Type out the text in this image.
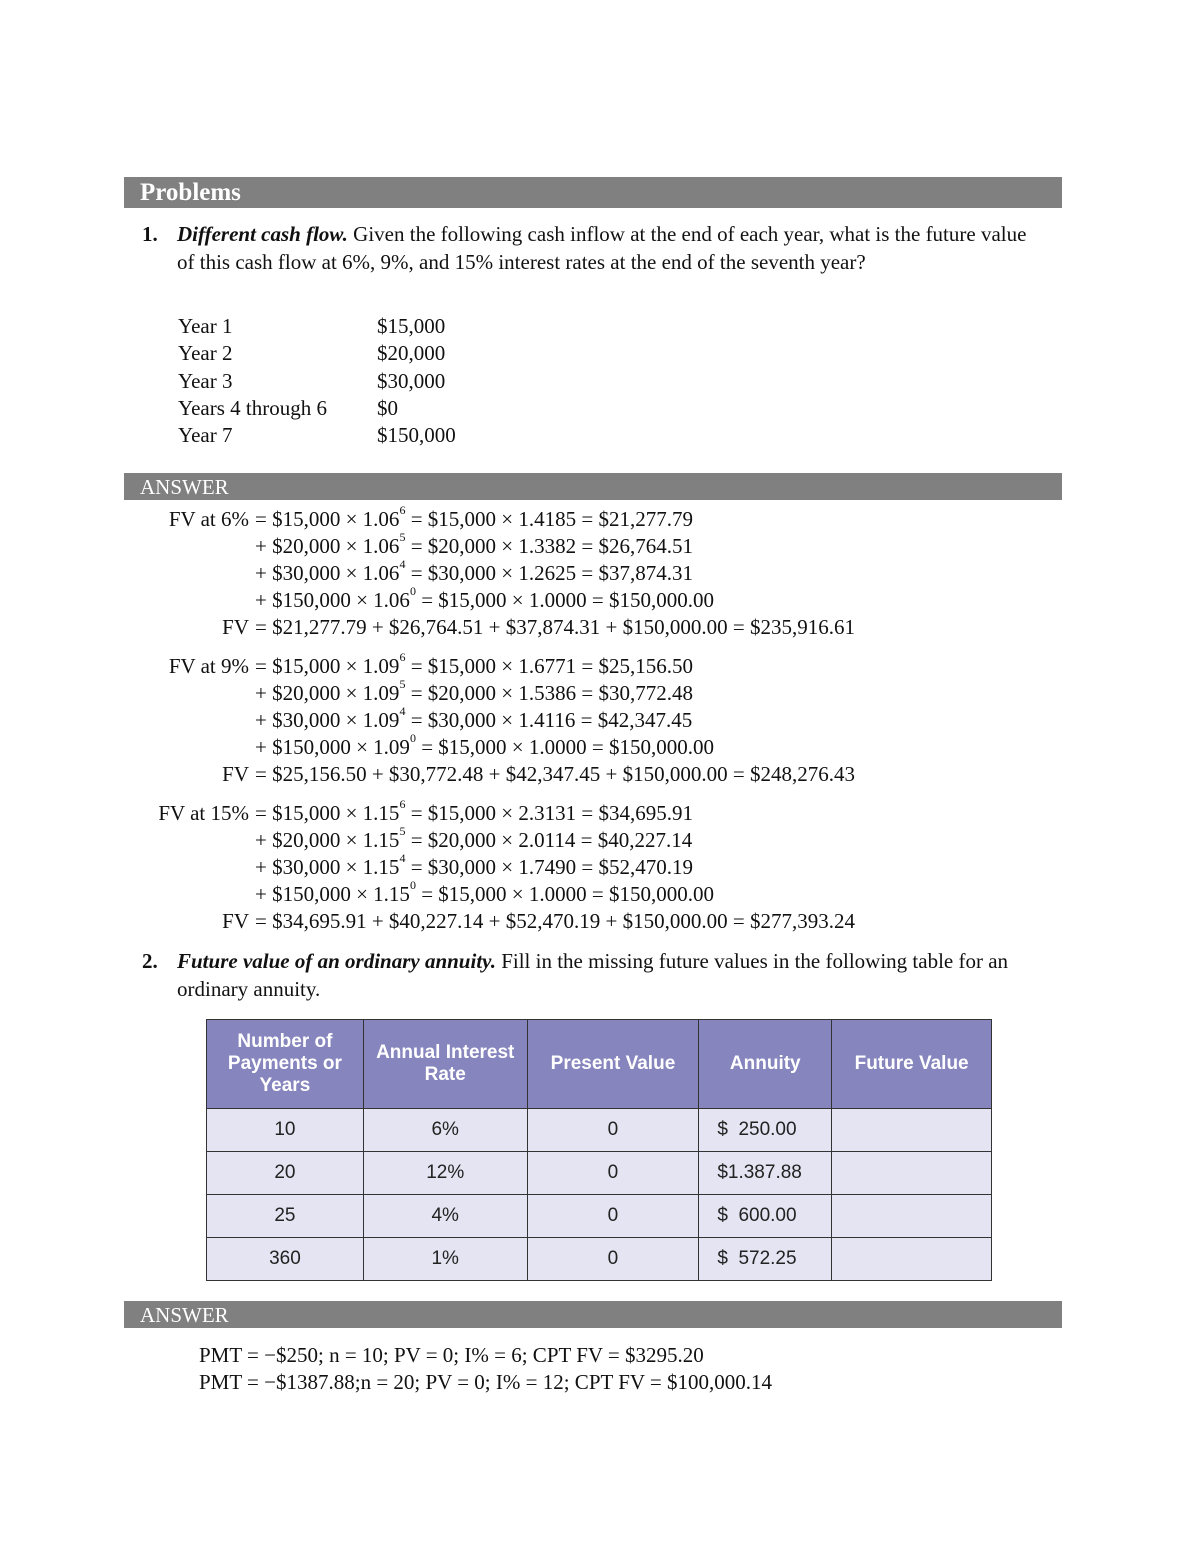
Problems
1. Different cash flow. Given the following cash inflow at the end of each year, what is the future value of this cash flow at 6%, 9%, and 15% interest rates at the end of the seventh year?
Year 1	$15,000
Year 2	$20,000
Year 3	$30,000
Years 4 through 6 $0
Year 7	$150,000
ANSWER
FV at 6% = $15,000 × $1.06^6$ = $15,000 × 1.4185 = $21,277.79
+ $20,000 × $1.06^5$ = $20,000 × 1.3382 = $26,764.51
+ $30,000 × $1.06^4$ = $30,000 × 1.2625 = $37,874.31
+ $150,000 × $1.06^0$ = $15,000 × 1.0000 = $150,000.00
FV = $21,277.79 + $26,764.51 + $37,874.31 + $150,000.00 = $235,916.61
FV at 9% = $15,000 × $1.09^6$ = $15,000 × 1.6771 = $25,156.50
+ $20,000 × $1.09^5$ = $20,000 × 1.5386 = $30,772.48
+ $30,000 × $1.09^4$ = $30,000 × 1.4116 = $42,347.45
+ $150,000 × $1.09^0$ = $15,000 × 1.0000 = $150,000.00
FV = $25,156.50 + $30,772.48 + $42,347.45 + $150,000.00 = $248,276.43
FV at 15% = $15,000 × $1.15^6$ = $15,000 × 2.3131 = $34,695.91
+ $20,000 × $1.15^5$ = $20,000 × 2.0114 = $40,227.14
+ $30,000 × $1.15^4$ = $30,000 × 1.7490 = $52,470.19
+ $150,000 × $1.15^0$ = $15,000 × 1.0000 = $150,000.00
FV = $34,695.91 + $40,227.14 + $52,470.19 + $150,000.00 = $277,393.24
2. Future value of an ordinary annuity. Fill in the missing future values in the following table for an ordinary annuity.
Number of Payments or Years	Annual Interest Rate	Present Value	Annuity	Future Value
10	6%	0	$  250.00	
20	12%	0	$1.387.88	
25	4%	0	$  600.00	
360	1%	0	$  572.25	
ANSWER
PMT = −$250; n = 10; PV = 0; I% = 6; CPT FV = $3295.20
PMT = −$1387.88;n = 20; PV = 0; I% = 12; CPT FV = $100,000.14
